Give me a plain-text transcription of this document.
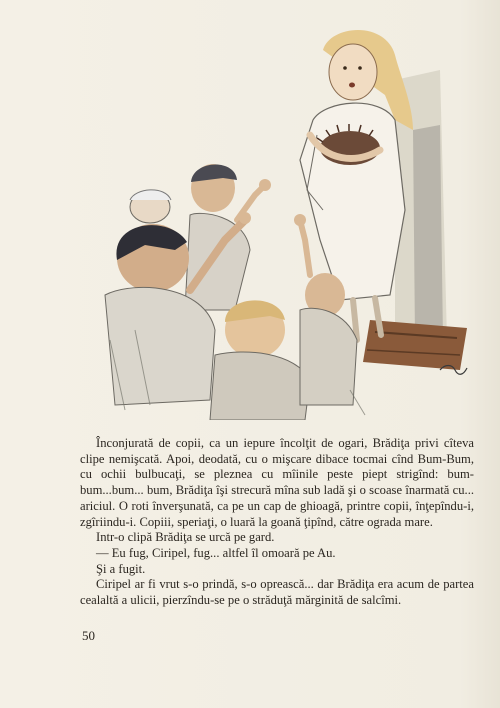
Înconjurată de copii, ca un iepure încolţit de ogari, Brădiţa privi cîteva clipe nemişcată. Apoi, deodată, cu o mişcare dibace tocmai cînd Bum-Bum, cu ochii bulbucaţi, se pleznea cu mîinile peste piept strigînd: bum-bum...bum... bum, Brădiţa îşi strecură mîna sub ladă şi o scoase înarmată cu... ariciul. O roti înverşunată, ca pe un cap de ghioagă, printre copii, înţepîndu-i, zgîriindu-i. Copiii, speriaţi, o luară la goană ţipînd, către ograda mare.

Intr-o clipă Brădiţa se urcă pe gard.

— Eu fug, Ciripel, fug... altfel îl omoară pe Au.

Şi a fugit.

Ciripel ar fi vrut s-o prindă, s-o oprească... dar Brădiţa era acum de partea cealaltă a ulicii, pierzîndu-se pe o străduţă mărginită de salcîmi.

50
